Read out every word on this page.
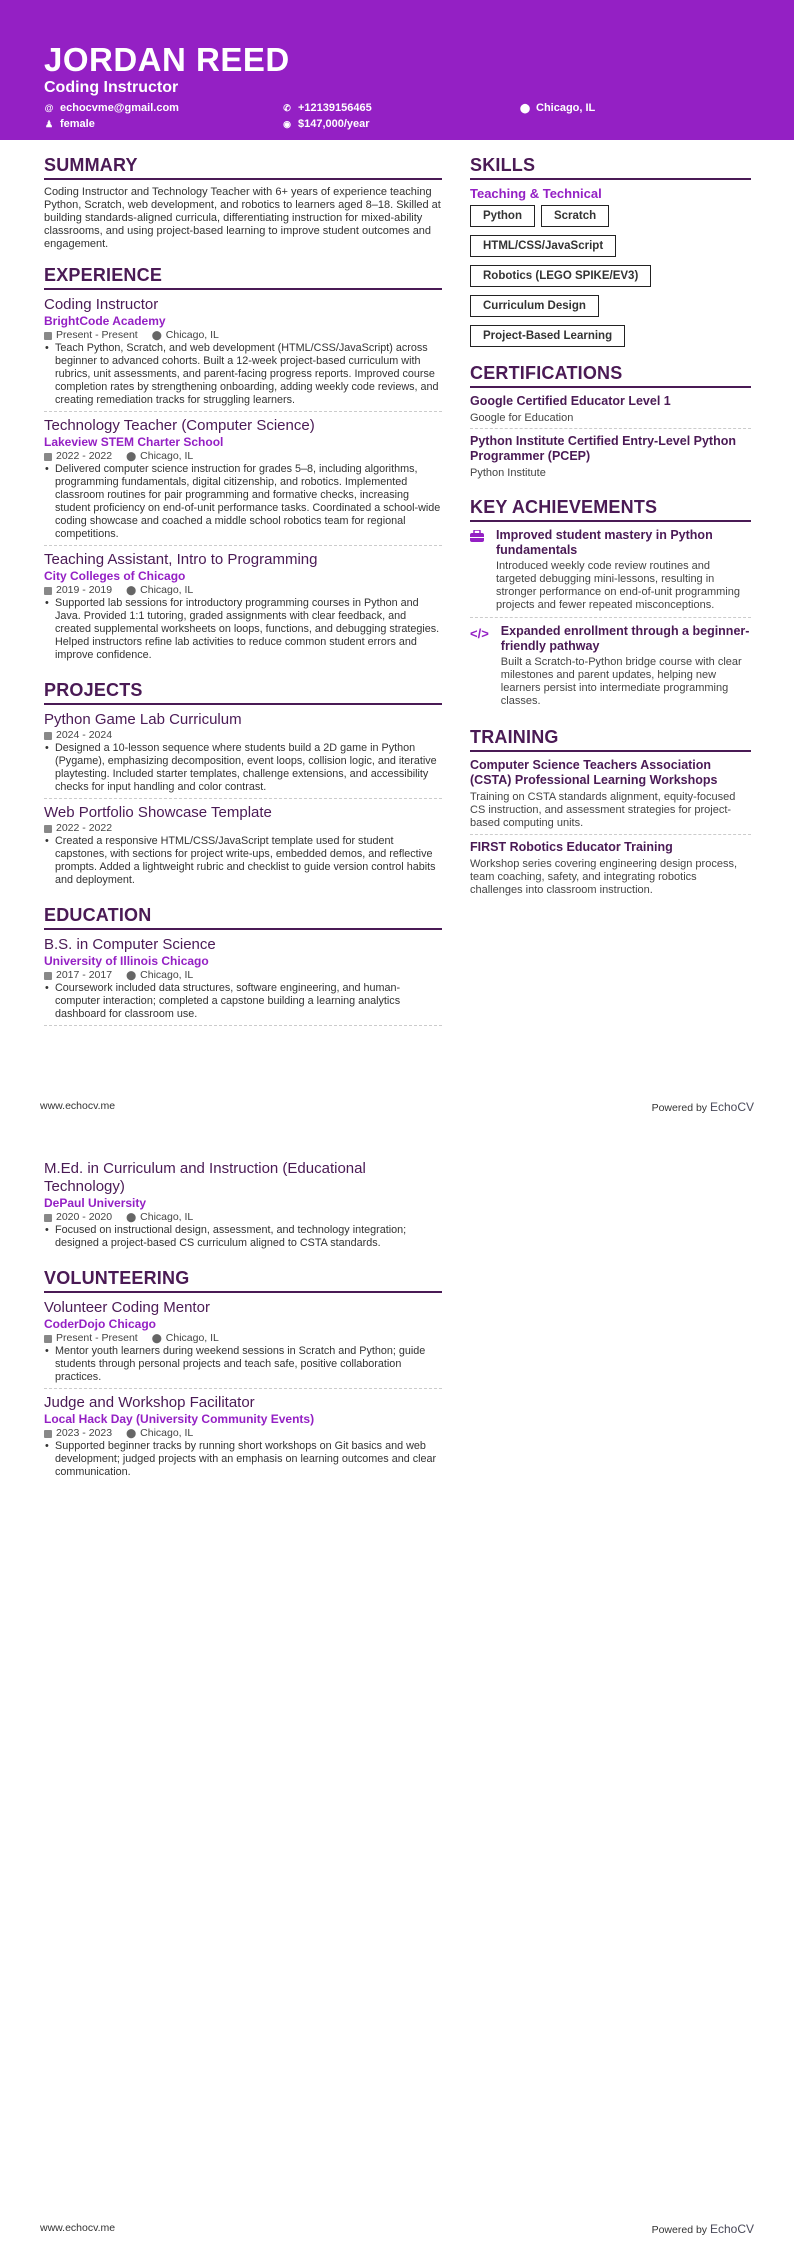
JORDAN REED
Coding Instructor
@ echocvme@gmail.com	✆ +12139156465	⬤ Chicago, IL
♟ female	◉ $147,000/year
SUMMARY
Coding Instructor and Technology Teacher with 6+ years of experience teaching Python, Scratch, web development, and robotics to learners aged 8–18. Skilled at building standards-aligned curricula, differentiating instruction for mixed-ability classrooms, and using project-based learning to improve student outcomes and engagement.
EXPERIENCE
Coding Instructor
BrightCode Academy
Present - Present ⬤ Chicago, IL
• Teach Python, Scratch, and web development (HTML/CSS/JavaScript) across beginner to advanced cohorts. Built a 12-week project-based curriculum with rubrics, unit assessments, and parent-facing progress reports. Improved course completion rates by strengthening onboarding, adding weekly code reviews, and creating remediation tracks for struggling learners.
Technology Teacher (Computer Science)
Lakeview STEM Charter School
2022 - 2022 ⬤ Chicago, IL
• Delivered computer science instruction for grades 5–8, including algorithms, programming fundamentals, digital citizenship, and robotics. Implemented classroom routines for pair programming and formative checks, increasing student proficiency on end-of-unit performance tasks. Coordinated a school-wide coding showcase and coached a middle school robotics team for regional competitions.
Teaching Assistant, Intro to Programming
City Colleges of Chicago
2019 - 2019 ⬤ Chicago, IL
• Supported lab sessions for introductory programming courses in Python and Java. Provided 1:1 tutoring, graded assignments with clear feedback, and created supplemental worksheets on loops, functions, and debugging strategies. Helped instructors refine lab activities to reduce common student errors and improve confidence.
PROJECTS
Python Game Lab Curriculum
2024 - 2024
• Designed a 10-lesson sequence where students build a 2D game in Python (Pygame), emphasizing decomposition, event loops, collision logic, and iterative playtesting. Included starter templates, challenge extensions, and accessibility checks for input handling and color contrast.
Web Portfolio Showcase Template
2022 - 2022
• Created a responsive HTML/CSS/JavaScript template used for student capstones, with sections for project write-ups, embedded demos, and reflective prompts. Added a lightweight rubric and checklist to guide version control habits and deployment.
EDUCATION
B.S. in Computer Science
University of Illinois Chicago
2017 - 2017 ⬤ Chicago, IL
• Coursework included data structures, software engineering, and human-computer interaction; completed a capstone building a learning analytics dashboard for classroom use.
SKILLS
Teaching & Technical
Python	Scratch
HTML/CSS/JavaScript
Robotics (LEGO SPIKE/EV3)
Curriculum Design
Project-Based Learning
CERTIFICATIONS
Google Certified Educator Level 1
Google for Education
Python Institute Certified Entry-Level Python Programmer (PCEP)
Python Institute
KEY ACHIEVEMENTS
Improved student mastery in Python fundamentals
Introduced weekly code review routines and targeted debugging mini-lessons, resulting in stronger performance on end-of-unit programming projects and fewer repeated misconceptions.
</> Expanded enrollment through a beginner-friendly pathway
Built a Scratch-to-Python bridge course with clear milestones and parent updates, helping new learners persist into intermediate programming classes.
TRAINING
Computer Science Teachers Association (CSTA) Professional Learning Workshops
Training on CSTA standards alignment, equity-focused CS instruction, and assessment strategies for project-based computing units.
FIRST Robotics Educator Training
Workshop series covering engineering design process, team coaching, safety, and integrating robotics challenges into classroom instruction.
www.echocv.me	Powered by EchoCV
M.Ed. in Curriculum and Instruction (Educational Technology)
DePaul University
2020 - 2020 ⬤ Chicago, IL
• Focused on instructional design, assessment, and technology integration; designed a project-based CS curriculum aligned to CSTA standards.
VOLUNTEERING
Volunteer Coding Mentor
CoderDojo Chicago
Present - Present ⬤ Chicago, IL
• Mentor youth learners during weekend sessions in Scratch and Python; guide students through personal projects and teach safe, positive collaboration practices.
Judge and Workshop Facilitator
Local Hack Day (University Community Events)
2023 - 2023 ⬤ Chicago, IL
• Supported beginner tracks by running short workshops on Git basics and web development; judged projects with an emphasis on learning outcomes and clear communication.
www.echocv.me	Powered by EchoCV
